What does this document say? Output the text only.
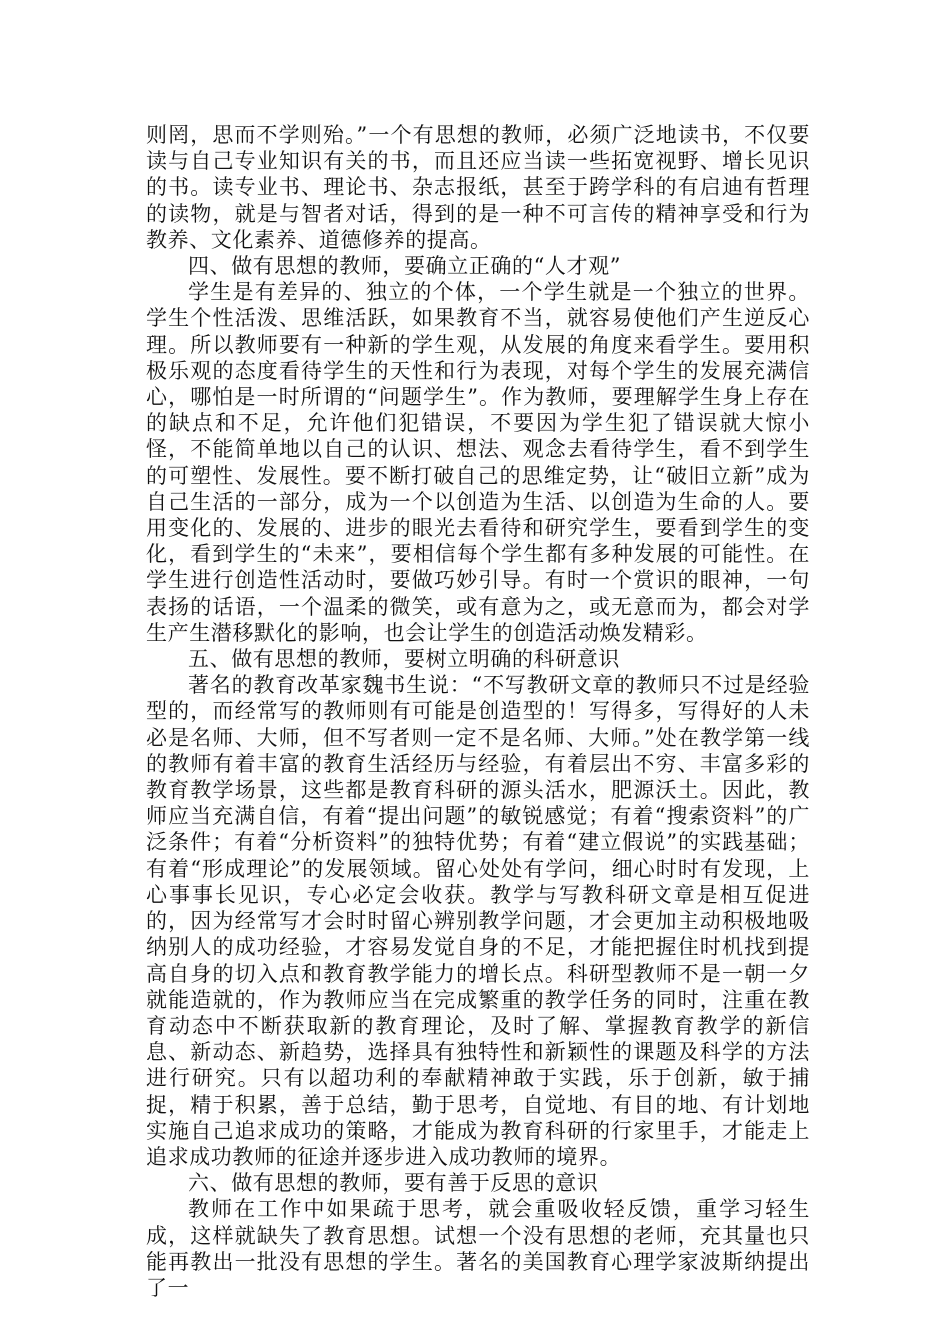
则罔，思而不学则殆。”一个有思想的教师，必须广泛地读书，不仅要读与自己专业知识有关的书，而且还应当读一些拓宽视野、增长见识的书。读专业书、理论书、杂志报纸，甚至于跨学科的有启迪有哲理的读物，就是与智者对话，得到的是一种不可言传的精神享受和行为教养、文化素养、道德修养的提高。

四、做有思想的教师，要确立正确的“人才观”

学生是有差异的、独立的个体，一个学生就是一个独立的世界。学生个性活泼、思维活跃，如果教育不当，就容易使他们产生逆反心理。所以教师要有一种新的学生观，从发展的角度来看学生。要用积极乐观的态度看待学生的天性和行为表现，对每个学生的发展充满信心，哪怕是一时所谓的“问题学生”。作为教师，要理解学生身上存在的缺点和不足，允许他们犯错误，不要因为学生犯了错误就大惊小怪，不能简单地以自己的认识、想法、观念去看待学生，看不到学生的可塑性、发展性。要不断打破自己的思维定势，让“破旧立新”成为自己生活的一部分，成为一个以创造为生活、以创造为生命的人。要用变化的、发展的、进步的眼光去看待和研究学生，要看到学生的变化，看到学生的“未来”，要相信每个学生都有多种发展的可能性。在学生进行创造性活动时，要做巧妙引导。有时一个赏识的眼神，一句表扬的话语，一个温柔的微笑，或有意为之，或无意而为，都会对学生产生潜移默化的影响，也会让学生的创造活动焕发精彩。

五、做有思想的教师，要树立明确的科研意识

著名的教育改革家魏书生说：“不写教研文章的教师只不过是经验型的，而经常写的教师则有可能是创造型的！写得多，写得好的人未必是名师、大师，但不写者则一定不是名师、大师。”处在教学第一线的教师有着丰富的教育生活经历与经验，有着层出不穷、丰富多彩的教育教学场景，这些都是教育科研的源头活水，肥源沃土。因此，教师应当充满自信，有着“提出问题”的敏锐感觉；有着“搜索资料”的广泛条件；有着“分析资料”的独特优势；有着“建立假说”的实践基础；有着“形成理论”的发展领域。留心处处有学问，细心时时有发现，上心事事长见识，专心必定会收获。教学与写教科研文章是相互促进的，因为经常写才会时时留心辨别教学问题，才会更加主动积极地吸纳别人的成功经验，才容易发觉自身的不足，才能把握住时机找到提高自身的切入点和教育教学能力的增长点。科研型教师不是一朝一夕就能造就的，作为教师应当在完成繁重的教学任务的同时，注重在教育动态中不断获取新的教育理论，及时了解、掌握教育教学的新信息、新动态、新趋势，选择具有独特性和新颖性的课题及科学的方法进行研究。只有以超功利的奉献精神敢于实践，乐于创新，敏于捕捉，精于积累，善于总结，勤于思考，自觉地、有目的地、有计划地实施自己追求成功的策略，才能成为教育科研的行家里手，才能走上追求成功教师的征途并逐步进入成功教师的境界。

六、做有思想的教师，要有善于反思的意识

教师在工作中如果疏于思考，就会重吸收轻反馈，重学习轻生成，这样就缺失了教育思想。试想一个没有思想的老师，充其量也只能再教出一批没有思想的学生。著名的美国教育心理学家波斯纳提出了一
